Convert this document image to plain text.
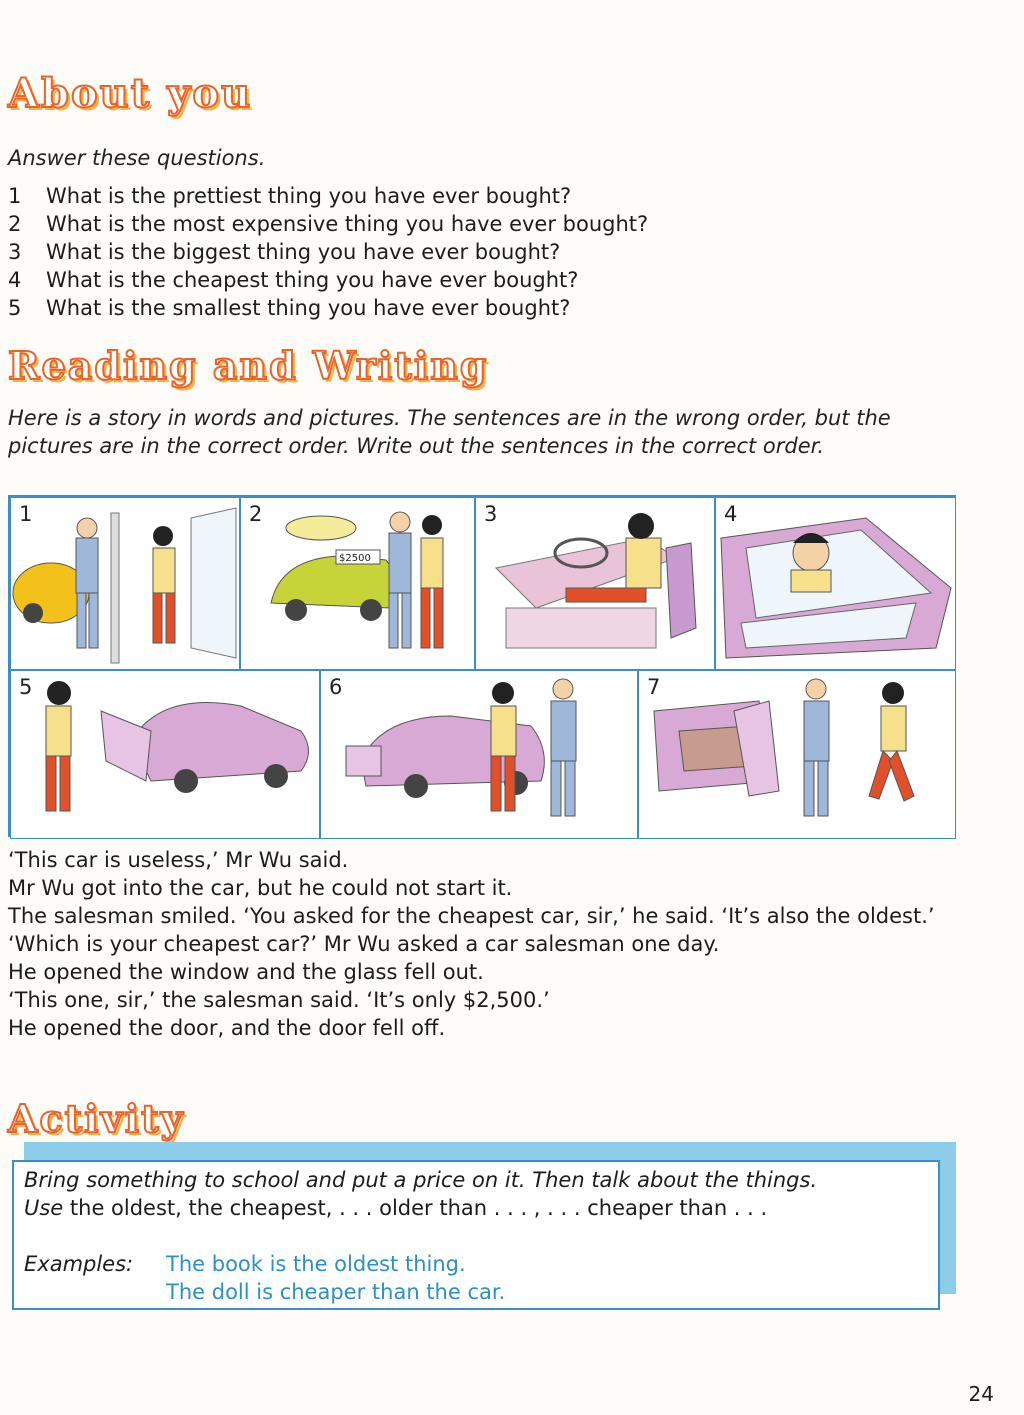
About you
Answer these questions.
1	What is the prettiest thing you have ever bought?
2	What is the most expensive thing you have ever bought?
3	What is the biggest thing you have ever bought?
4	What is the cheapest thing you have ever bought?
5	What is the smallest thing you have ever bought?
Reading and Writing
Here is a story in words and pictures. The sentences are in the wrong order, but the pictures are in the correct order. Write out the sentences in the correct order.
1	2
$2500
3	4
5	6	7
‘This car is useless,’ Mr Wu said.
Mr Wu got into the car, but he could not start it.
The salesman smiled. ‘You asked for the cheapest car, sir,’ he said. ‘It’s also the oldest.’
‘Which is your cheapest car?’ Mr Wu asked a car salesman one day.
He opened the window and the glass fell out.
‘This one, sir,’ the salesman said. ‘It’s only $2,500.’
He opened the door, and the door fell off.
Activity
Bring something to school and put a price on it. Then talk about the things.
Use the oldest, the cheapest, . . . older than . . . , . . . cheaper than . . .
Examples:	The book is the oldest thing.
The doll is cheaper than the car.
24
